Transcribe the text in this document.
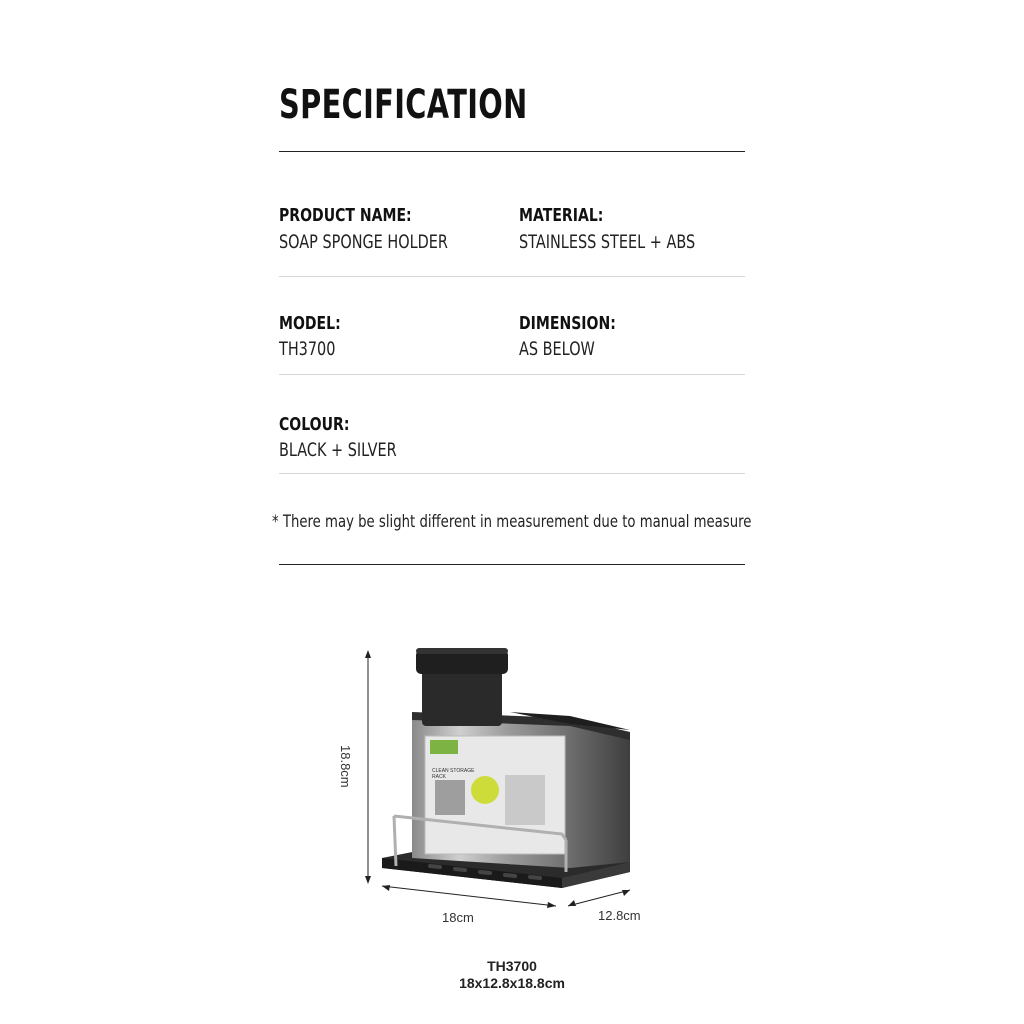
SPECIFICATION
PRODUCT NAME:
SOAP SPONGE HOLDER
MATERIAL:
STAINLESS STEEL + ABS
MODEL:
TH3700
DIMENSION:
AS BELOW
COLOUR:
BLACK + SILVER
* There may be slight different in measurement due to manual measure
CLEAN STORAGE
RACK
18.8cm
18cm	12.8cm
TH3700
18x12.8x18.8cm
